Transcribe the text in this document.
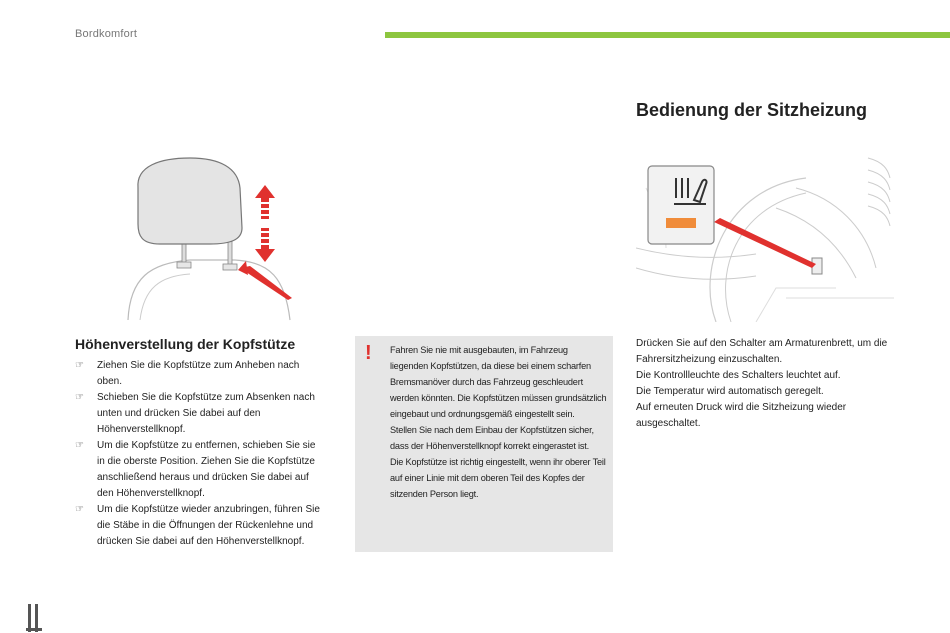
Bordkomfort
Bedienung der Sitzheizung
Höhenverstellung der Kopfstütze
☞ Ziehen Sie die Kopfstütze zum Anheben nach oben.
☞ Schieben Sie die Kopfstütze zum Absenken nach unten und drücken Sie dabei auf den Höhenverstellknopf.
☞ Um die Kopfstütze zu entfernen, schieben Sie sie in die oberste Position. Ziehen Sie die Kopfstütze anschließend heraus und drücken Sie dabei auf den Höhenverstellknopf.
☞ Um die Kopfstütze wieder anzubringen, führen Sie die Stäbe in die Öffnungen der Rückenlehne und drücken Sie dabei auf den Höhenverstellknopf.
! Fahren Sie nie mit ausgebauten, im Fahrzeug liegenden Kopfstützen, da diese bei einem scharfen Bremsmanöver durch das Fahrzeug geschleudert werden könnten. Die Kopfstützen müssen grundsätzlich eingebaut und ordnungsgemäß eingestellt sein.

Stellen Sie nach dem Einbau der Kopfstützen sicher, dass der Höhenverstellknopf korrekt eingerastet ist.

Die Kopfstütze ist richtig eingestellt, wenn ihr oberer Teil auf einer Linie mit dem oberen Teil des Kopfes der sitzenden Person liegt.

Drücken Sie auf den Schalter am Armaturenbrett, um die Fahrersitzheizung einzuschalten.

Die Kontrollleuchte des Schalters leuchtet auf.

Die Temperatur wird automatisch geregelt.

Auf erneuten Druck wird die Sitzheizung wieder ausgeschaltet.
